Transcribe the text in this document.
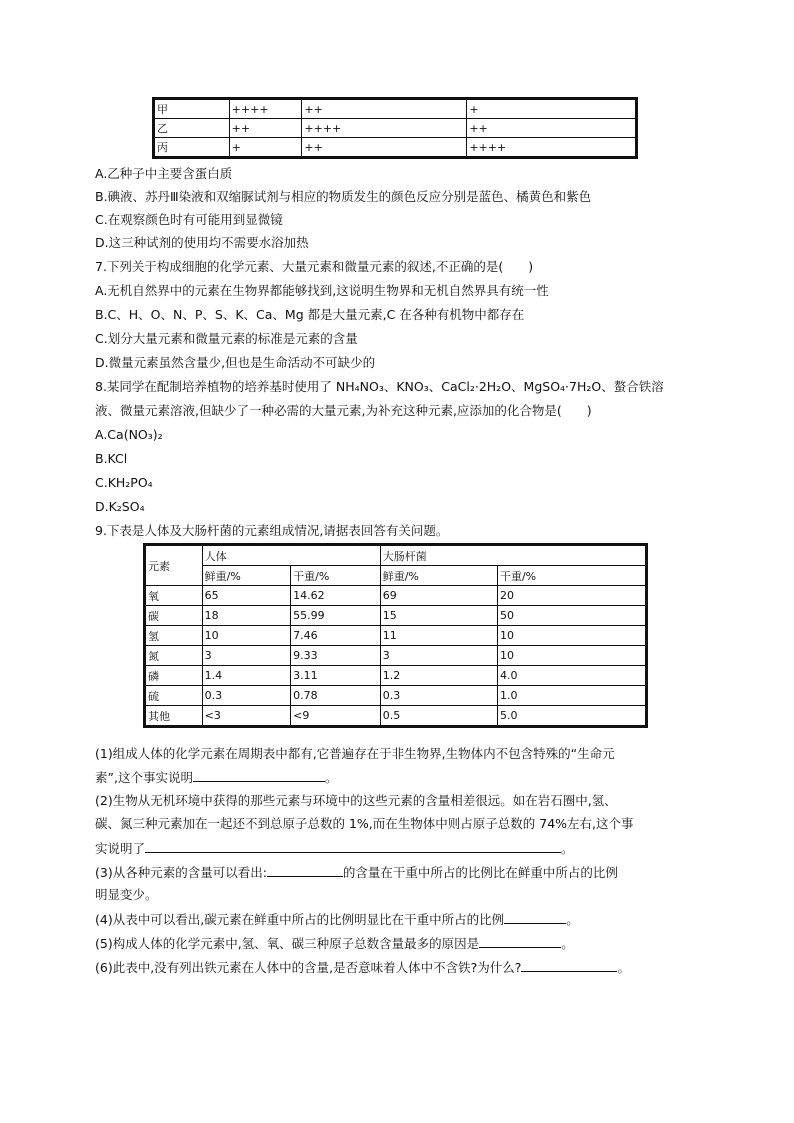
甲	++++	++	+
乙	++	++++	++
丙	+	++	++++
A.乙种子中主要含蛋白质
B.碘液、苏丹Ⅲ染液和双缩脲试剂与相应的物质发生的颜色反应分别是蓝色、橘黄色和紫色
C.在观察颜色时有可能用到显微镜
D.这三种试剂的使用均不需要水浴加热
7.下列关于构成细胞的化学元素、大量元素和微量元素的叙述,不正确的是(　　)
A.无机自然界中的元素在生物界都能够找到,这说明生物界和无机自然界具有统一性
B.C、H、O、N、P、S、K、Ca、Mg 都是大量元素,C 在各种有机物中都存在
C.划分大量元素和微量元素的标准是元素的含量
D.微量元素虽然含量少,但也是生命活动不可缺少的
8.某同学在配制培养植物的培养基时使用了 NH₄NO₃、KNO₃、CaCl₂·2H₂O、MgSO₄·7H₂O、螯合铁溶
液、微量元素溶液,但缺少了一种必需的大量元素,为补充这种元素,应添加的化合物是(　　)
A.Ca(NO₃)₂
B.KCl
C.KH₂PO₄
D.K₂SO₄
9.下表是人体及大肠杆菌的元素组成情况,请据表回答有关问题。
元素	人体		大肠杆菌	
	鲜重/%	干重/%	鲜重/%	干重/%
氧	65	14.62	69	20
碳	18	55.99	15	50
氢	10	7.46	11	10
氮	3	9.33	3	10
磷	1.4	3.11	1.2	4.0
硫	0.3	0.78	0.3	1.0
其他	<3	<9	0.5	5.0
(1)组成人体的化学元素在周期表中都有,它普遍存在于非生物界,生物体内不包含特殊的“生命元
素”,这个事实说明	。
(2)生物从无机环境中获得的那些元素与环境中的这些元素的含量相差很远。如在岩石圈中,氢、
碳、氮三种元素加在一起还不到总原子总数的 1%,而在生物体中则占原子总数的 74%左右,这个事
实说明了	。
(3)从各种元素的含量可以看出:	的含量在干重中所占的比例比在鲜重中所占的比例
明显变少。
(4)从表中可以看出,碳元素在鲜重中所占的比例明显比在干重中所占的比例	。
(5)构成人体的化学元素中,氢、氧、碳三种原子总数含量最多的原因是	。
(6)此表中,没有列出铁元素在人体中的含量,是否意味着人体中不含铁?为什么?	。
